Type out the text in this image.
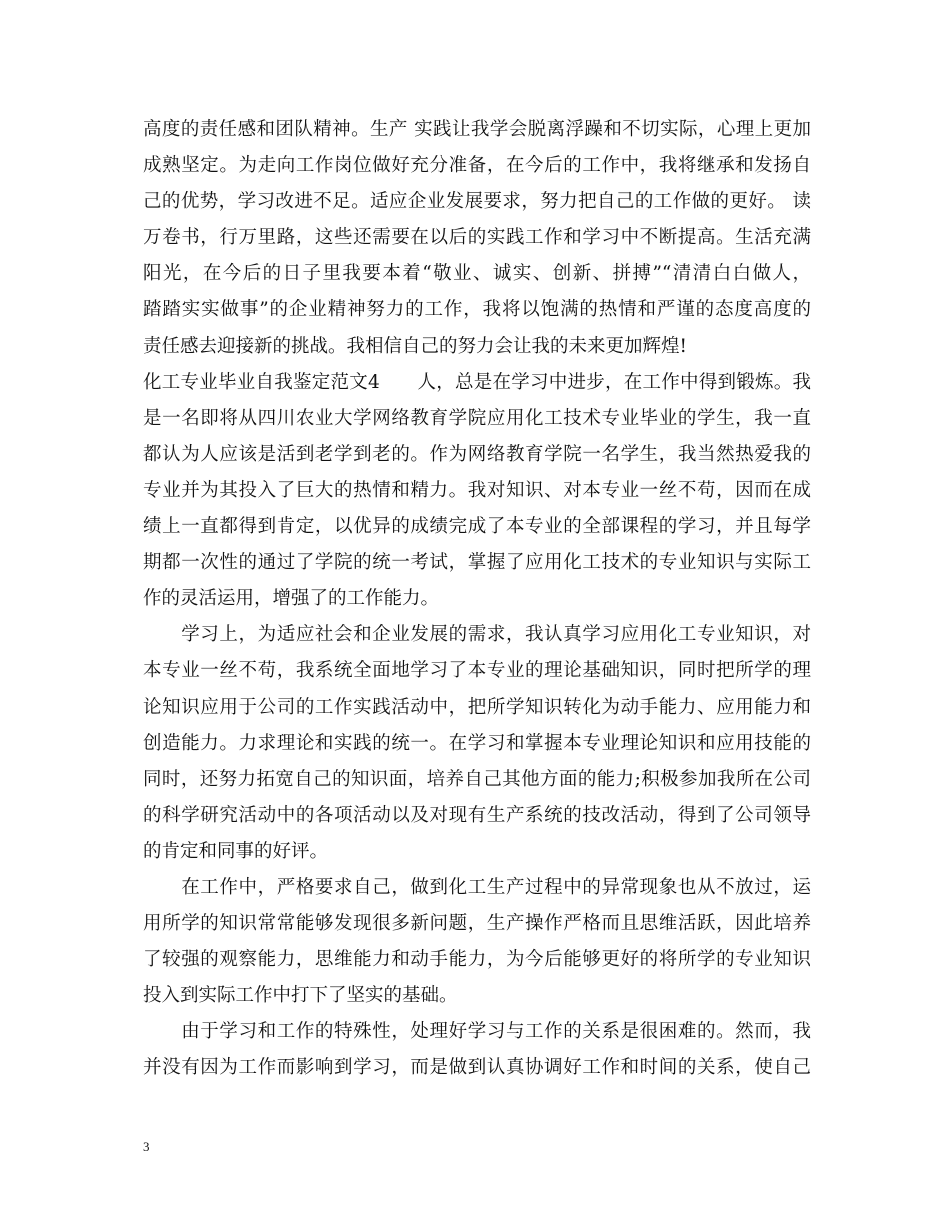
高度的责任感和团队精神。生产 实践让我学会脱离浮躁和不切实际，心理上更加
成熟坚定。为走向工作岗位做好充分准备，在今后的工作中，我将继承和发扬自
己的优势，学习改进不足。适应企业发展要求，努力把自己的工作做的更好。 读
万卷书，行万里路，这些还需要在以后的实践工作和学习中不断提高。生活充满
阳光，在今后的日子里我要本着“敬业、诚实、创新、拼搏”“清清白白做人，
踏踏实实做事”的企业精神努力的工作，我将以饱满的热情和严谨的态度高度的
责任感去迎接新的挑战。我相信自己的努力会让我的未来更加辉煌!
化工专业毕业自我鉴定范文4　　人，总是在学习中进步，在工作中得到锻炼。我
是一名即将从四川农业大学网络教育学院应用化工技术专业毕业的学生，我一直
都认为人应该是活到老学到老的。作为网络教育学院一名学生，我当然热爱我的
专业并为其投入了巨大的热情和精力。我对知识、对本专业一丝不苟，因而在成
绩上一直都得到肯定，以优异的成绩完成了本专业的全部课程的学习，并且每学
期都一次性的通过了学院的统一考试，掌握了应用化工技术的专业知识与实际工
作的灵活运用，增强了的工作能力。
　　学习上，为适应社会和企业发展的需求，我认真学习应用化工专业知识，对
本专业一丝不苟，我系统全面地学习了本专业的理论基础知识，同时把所学的理
论知识应用于公司的工作实践活动中，把所学知识转化为动手能力、应用能力和
创造能力。力求理论和实践的统一。在学习和掌握本专业理论知识和应用技能的
同时，还努力拓宽自己的知识面，培养自己其他方面的能力;积极参加我所在公司
的科学研究活动中的各项活动以及对现有生产系统的技改活动，得到了公司领导
的肯定和同事的好评。
　　在工作中，严格要求自己，做到化工生产过程中的异常现象也从不放过，运
用所学的知识常常能够发现很多新问题，生产操作严格而且思维活跃，因此培养
了较强的观察能力，思维能力和动手能力，为今后能够更好的将所学的专业知识
投入到实际工作中打下了坚实的基础。
　　由于学习和工作的特殊性，处理好学习与工作的关系是很困难的。然而，我
并没有因为工作而影响到学习，而是做到认真协调好工作和时间的关系，使自己
3
